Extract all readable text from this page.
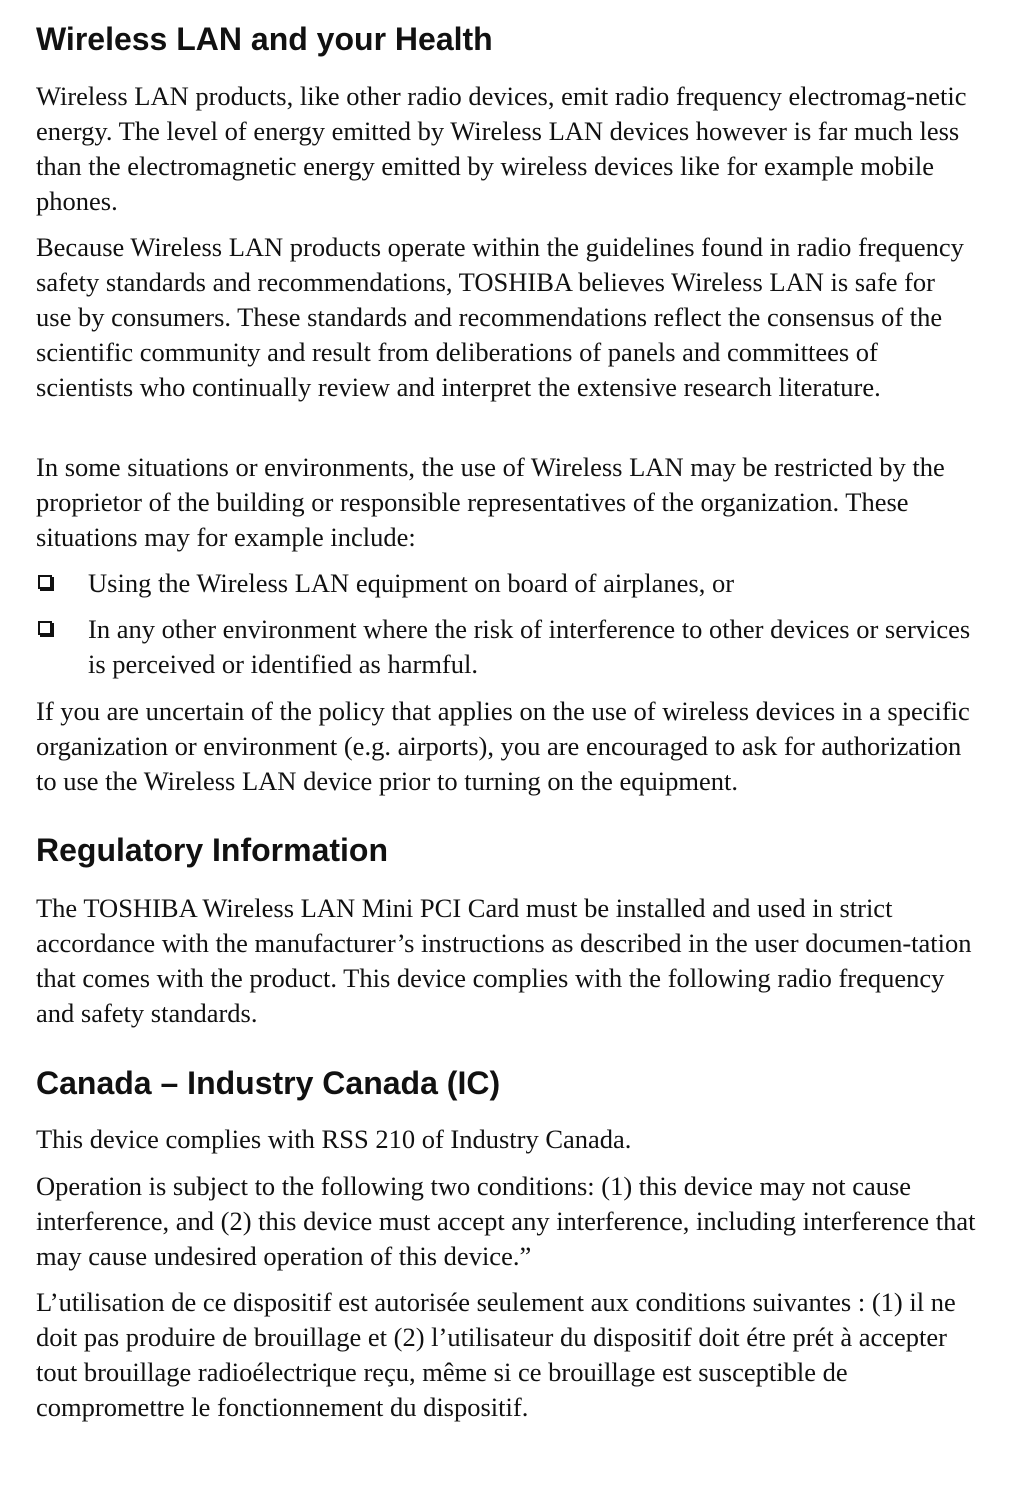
Wireless LAN and your Health

Wireless LAN products, like other radio devices, emit radio frequency electromag-netic energy. The level of energy emitted by Wireless LAN devices however is far much less than the electromagnetic energy emitted by wireless devices like for example mobile phones.

Because Wireless LAN products operate within the guidelines found in radio frequency safety standards and recommendations, TOSHIBA believes Wireless LAN is safe for use by consumers. These standards and recommendations reflect the consensus of the scientific community and result from deliberations of panels and committees of scientists who continually review and interpret the extensive research literature.

In some situations or environments, the use of Wireless LAN may be restricted by the proprietor of the building or responsible representatives of the organization. These situations may for example include:

Using the Wireless LAN equipment on board of airplanes, or
In any other environment where the risk of interference to other devices or services is perceived or identified as harmful.

If you are uncertain of the policy that applies on the use of wireless devices in a specific organization or environment (e.g. airports), you are encouraged to ask for authorization to use the Wireless LAN device prior to turning on the equipment.

Regulatory Information

The TOSHIBA Wireless LAN Mini PCI Card must be installed and used in strict accordance with the manufacturer’s instructions as described in the user documen-tation that comes with the product. This device complies with the following radio frequency and safety standards.

Canada – Industry Canada (IC)

This device complies with RSS 210 of Industry Canada.

Operation is subject to the following two conditions: (1) this device may not cause interference, and (2) this device must accept any interference, including interference that may cause undesired operation of this device.”

L’utilisation de ce dispositif est autorisée seulement aux conditions suivantes : (1) il ne doit pas produire de brouillage et (2) l’utilisateur du dispositif doit étre prét à accepter tout brouillage radioélectrique reçu, même si ce brouillage est susceptible de compromettre le fonctionnement du dispositif.
